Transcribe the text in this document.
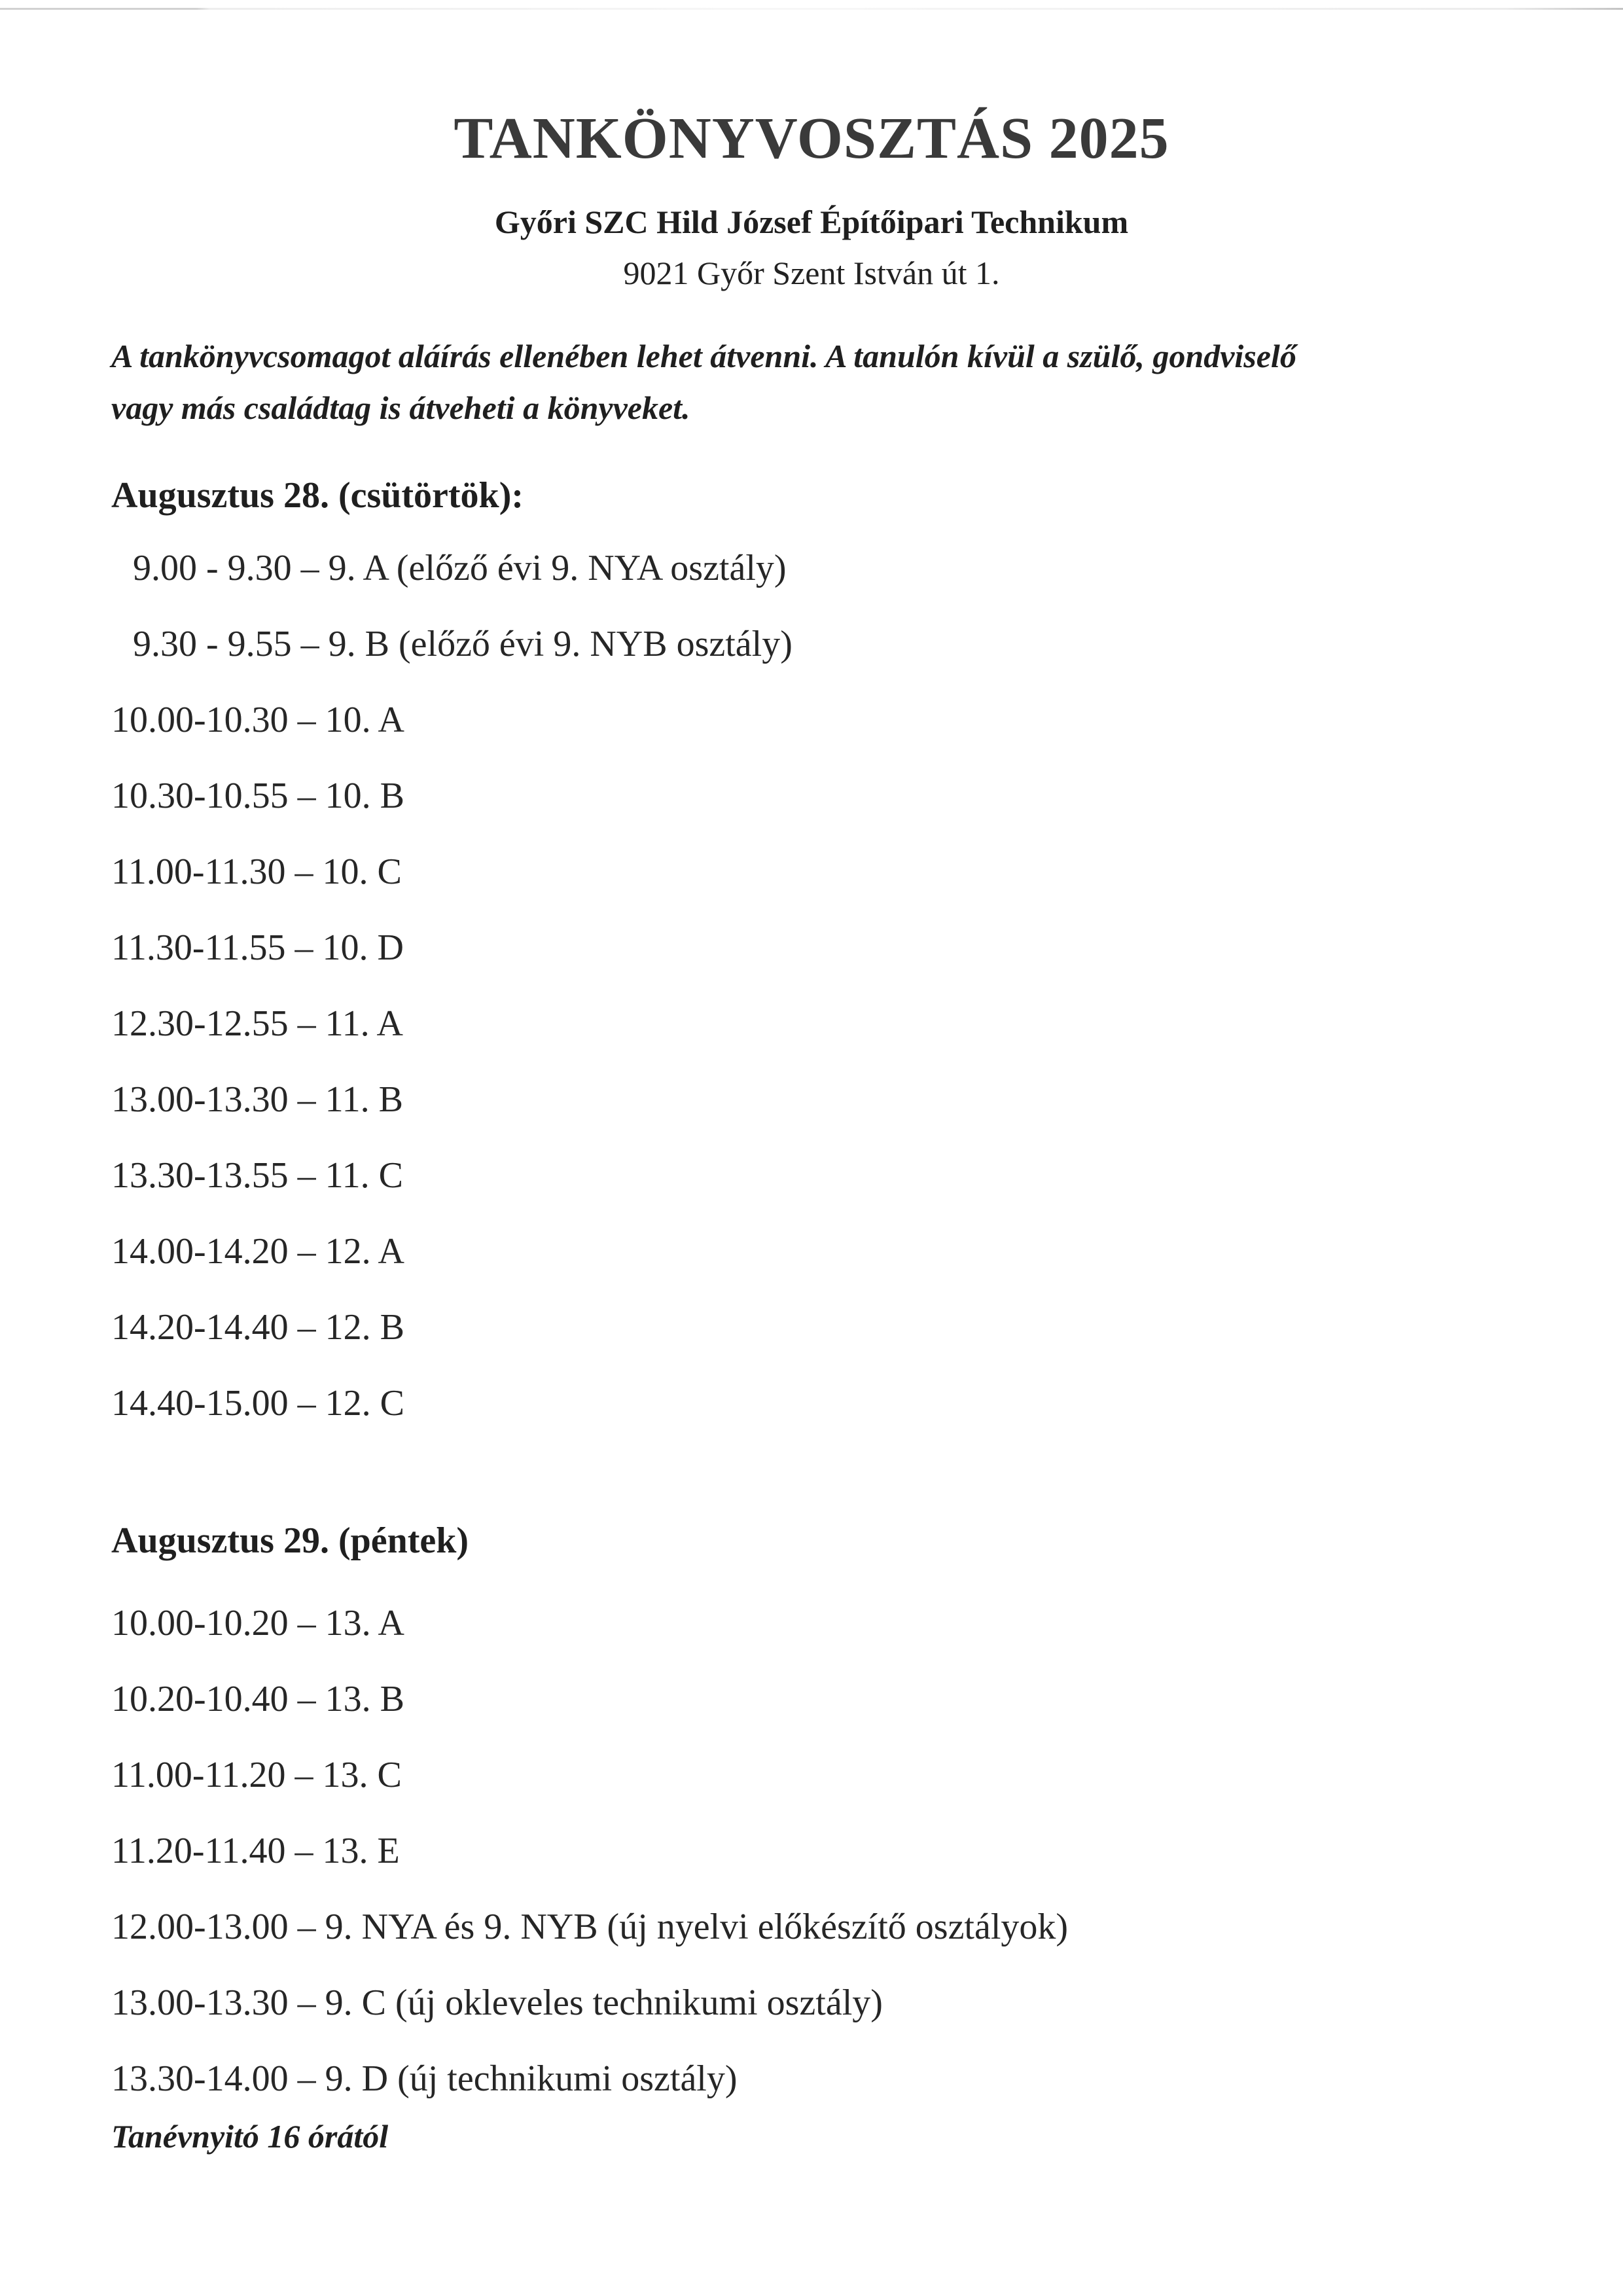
TANKÖNYVOSZTÁS 2025
Győri SZC Hild József Építőipari Technikum
9021 Győr Szent István út 1.
A tankönyvcsomagot aláírás ellenében lehet átvenni. A tanulón kívül a szülő, gondviselő
vagy más családtag is átveheti a könyveket.
Augusztus 28. (csütörtök):
9.00 - 9.30 – 9. A (előző évi 9. NYA osztály)
9.30 - 9.55 – 9. B (előző évi 9. NYB osztály)
10.00-10.30 – 10. A
10.30-10.55 – 10. B
11.00-11.30 – 10. C
11.30-11.55 – 10. D
12.30-12.55 – 11. A
13.00-13.30 – 11. B
13.30-13.55 – 11. C
14.00-14.20 – 12. A
14.20-14.40 – 12. B
14.40-15.00 – 12. C
Augusztus 29. (péntek)
10.00-10.20 – 13. A
10.20-10.40 – 13. B
11.00-11.20 – 13. C
11.20-11.40 – 13. E
12.00-13.00 – 9. NYA és 9. NYB (új nyelvi előkészítő osztályok)
13.00-13.30 – 9. C (új okleveles technikumi osztály)
13.30-14.00 – 9. D (új technikumi osztály)
Tanévnyitó 16 órától
